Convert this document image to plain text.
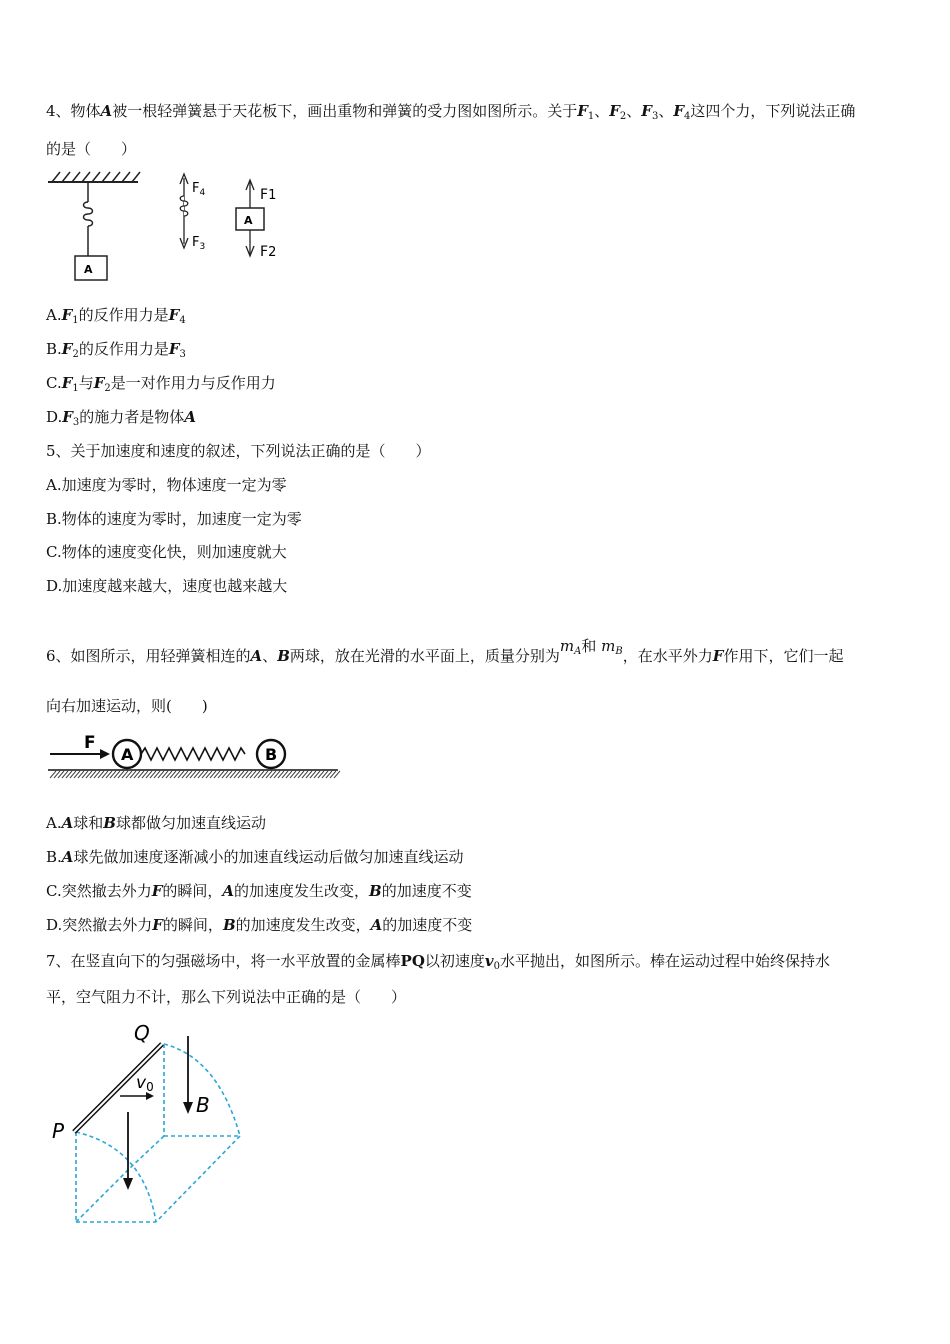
4、物体A被一根轻弹簧悬于天花板下，画出重物和弹簧的受力图如图所示。关于$F_1$、$F_2$、$F_3$、$F_4$这四个力，下列说法正确
的是（　　）
A
$F_4$
$F_3$
A
F1
F2
$A.F_1$的反作用力是$F_4$
$B.F_2$的反作用力是$F_3$
$C.F_1$与$F_2$是一对作用力与反作用力
$D.F_3$的施力者是物体A
5、关于加速度和速度的叙述，下列说法正确的是（　　）
A.加速度为零时，物体速度一定为零
B.物体的速度为零时，加速度一定为零
C.物体的速度变化快，则加速度就大
D.加速度越来越大，速度也越来越大
6、如图所示，用轻弹簧相连的A、B两球，放在光滑的水平面上，质量分别为$m_A$和 $m_B$，在水平外力F作用下，它们一起
向右加速运动，则(　　)
F
A	B
A.A球和B球都做匀加速直线运动
B.A球先做加速度逐渐减小的加速直线运动后做匀加速直线运动
C.突然撤去外力F的瞬间，A的加速度发生改变，B的加速度不变
D.突然撤去外力F的瞬间，B的加速度发生改变，A的加速度不变
7、在竖直向下的匀强磁场中，将一水平放置的金属棒PQ以初速度$v_0$水平抛出，如图所示。棒在运动过程中始终保持水
平，空气阻力不计，那么下列说法中正确的是（　　）
Q
P
v0
B
